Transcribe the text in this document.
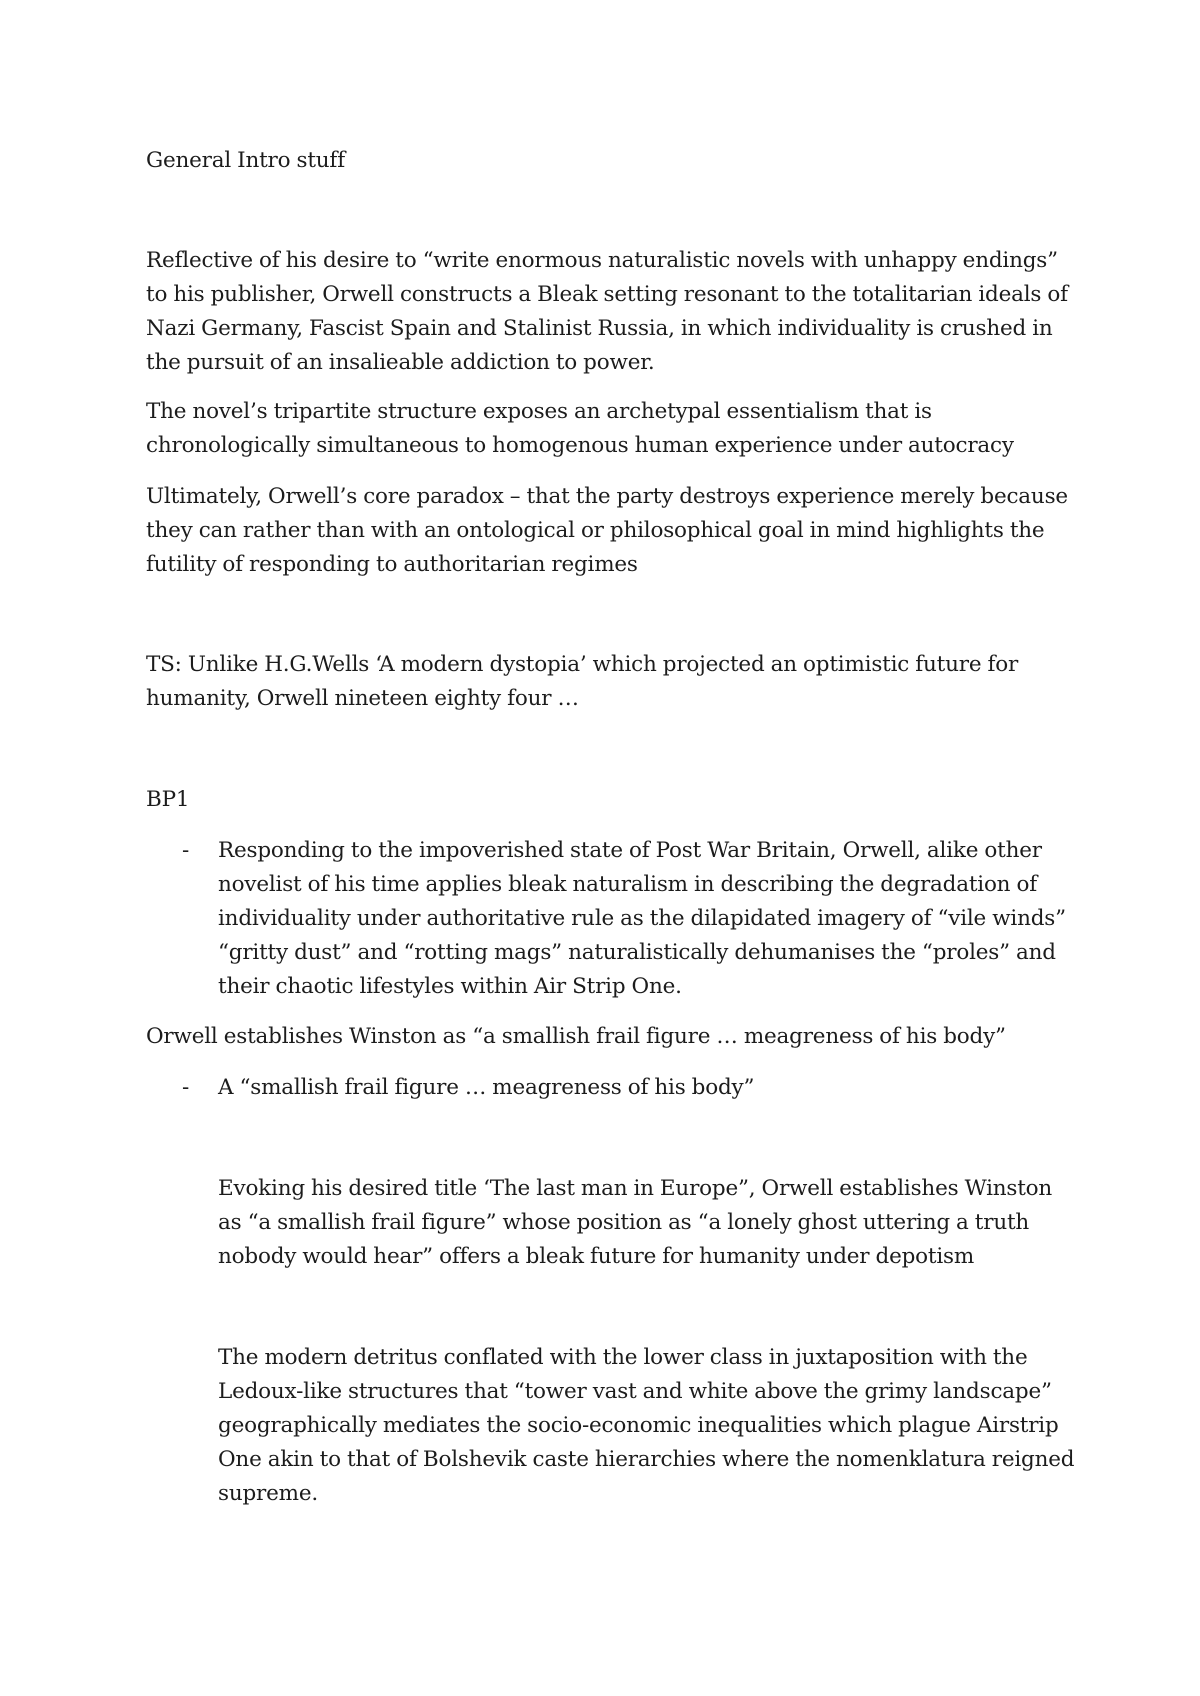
General Intro stuff

Reflective of his desire to “write enormous naturalistic novels with unhappy endings” to his publisher, Orwell constructs a Bleak setting resonant to the totalitarian ideals of Nazi Germany, Fascist Spain and Stalinist Russia, in which individuality is crushed in the pursuit of an insalieable addiction to power.

The novel’s tripartite structure exposes an archetypal essentialism that is chronologically simultaneous to homogenous human experience under autocracy

Ultimately, Orwell’s core paradox – that the party destroys experience merely because they can rather than with an ontological or philosophical goal in mind highlights the futility of responding to authoritarian regimes

TS: Unlike H.G.Wells ‘A modern dystopia’ which projected an optimistic future for humanity, Orwell nineteen eighty four …

BP1

-	Responding to the impoverished state of Post War Britain, Orwell, alike other novelist of his time applies bleak naturalism in describing the degradation of individuality under authoritative rule as the dilapidated imagery of “vile winds” “gritty dust” and “rotting mags” naturalistically dehumanises the “proles” and their chaotic lifestyles within Air Strip One.

Orwell establishes Winston as “a smallish frail figure … meagreness of his body”

-	A “smallish frail figure … meagreness of his body”

Evoking his desired title ‘The last man in Europe”, Orwell establishes Winston as “a smallish frail figure” whose position as “a lonely ghost uttering a truth nobody would hear” offers a bleak future for humanity under depotism

The modern detritus conflated with the lower class in juxtaposition with the Ledoux-like structures that “tower vast and white above the grimy landscape” geographically mediates the socio-economic inequalities which plague Airstrip One akin to that of Bolshevik caste hierarchies where the nomenklatura reigned supreme.
